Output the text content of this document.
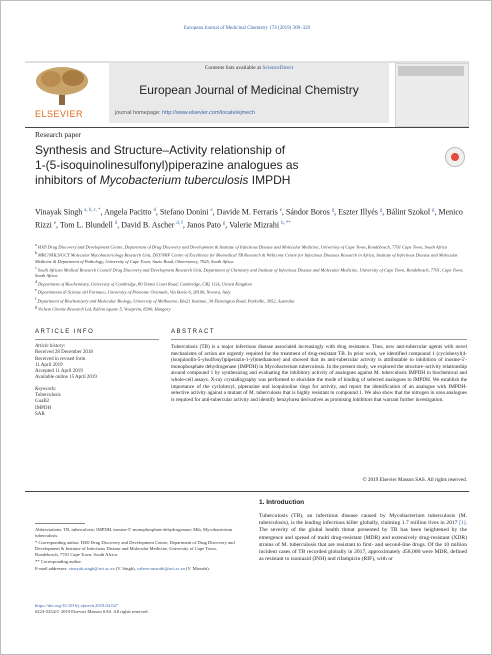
European Journal of Medicinal Chemistry 174 (2019) 309–329
ELSEVIER
Contents lists available at ScienceDirect
European Journal of Medicinal Chemistry
journal homepage: http://www.elsevier.com/locate/ejmech
Research paper
Synthesis and Structure–Activity relationship of
1-(5-isoquinolinesulfonyl)piperazine analogues as
inhibitors of Mycobacterium tuberculosis IMPDH
Vinayak Singh $^{a, b, c, *}$, Angela Pacitto $^d$, Stefano Donini $^e$, Davide M. Ferraris $^e$, Sándor Boros $^g$, Eszter Illyés $^g$, Bálint Szokol $^g$, Menico Rizzi $^e$, Tom L. Blundell $^d$, David B. Ascher $^{d, f}$, Janos Pato $^g$, Valerie Mizrahi $^{b, **}$
a H3D Drug Discovery and Development Centre, Department of Drug Discovery and Development & Institute of Infectious Disease and Molecular Medicine, University of Cape Town, Rondebosch, 7701 Cape Town, South Africa
b MRC/NHLS/UCT Molecular Mycobacteriology Research Unit, DST/NRF Centre of Excellence for Biomedical TB Research & Wellcome Centre for Infectious Diseases Research in Africa, Institute of Infectious Disease and Molecular Medicine & Department of Pathology, University of Cape Town, Anzio Road, Observatory, 7925, South Africa
c South African Medical Research Council Drug Discovery and Development Research Unit, Department of Chemistry and Institute of Infectious Disease and Molecular Medicine, University of Cape Town, Rondebosch, 7701, Cape Town, South Africa
d Department of Biochemistry, University of Cambridge, 80 Tennis Court Road, Cambridge, CB2 1GA, United Kingdom
e Dipartimento di Scienze del Farmaco, University of Piemonte Orientale, Via Bovio 6, 28100, Novara, Italy
f Department of Biochemistry and Molecular Biology, University of Melbourne, Bio21 Institute, 30 Flemington Road, Parkville, 3052, Australia
g Vichem Chemie Research Ltd, Kálvin square 5, Veszprém, 8200, Hungary
ARTICLE INFO	ABSTRACT
Article history:
Received 28 December 2018
Received in revised form
11 April 2019
Accepted 11 April 2019
Available online 15 April 2019
Keywords:
Tuberculosis
GuaB2
IMPDH
SAR
Tuberculosis (TB) is a major infectious disease associated increasingly with drug resistance. Thus, new anti-tubercular agents with novel mechanisms of action are urgently required for the treatment of drug-resistant TB. In prior work, we identified compound 1 (cyclohexyl(4-(isoquinolin-5-ylsulfonyl)piperazin-1-yl)methanone) and showed that its anti-tubercular activity is attributable to inhibition of inosine-5′-monophosphate dehydrogenase (IMPDH) in Mycobacterium tuberculosis. In the present study, we explored the structure–activity relationship around compound 1 by synthesizing and evaluating the inhibitory activity of analogues against M. tuberculosis IMPDH in biochemical and whole-cell assays. X-ray crystallography was performed to elucidate the mode of binding of selected analogues to IMPDH. We establish the importance of the cyclohexyl, piperazine and isoquinoline rings for activity, and report the identification of an analogue with IMPDH-selective activity against a mutant of M. tuberculosis that is highly resistant to compound 1. We also show that the nitrogen in urea analogues is required for anti-tubercular activity and identify benzylurea derivatives as promising inhibitors that warrant further investigation.
© 2019 Elsevier Masson SAS. All rights reserved.
Abbreviations: TB, tuberculosis; IMPDH, inosine-5′-monophosphate dehydrogenase; Mtb, Mycobacterium tuberculosis.
* Corresponding author. H3D Drug Discovery and Development Centre, Department of Drug Discovery and Development & Institute of Infectious Disease and Molecular Medicine, University of Cape Town, Rondebosch, 7701 Cape Town, South Africa.
** Corresponding author.
E-mail addresses: vinayak.singh@uct.ac.za (V. Singh), valerie.mizrahi@uct.ac.za (V. Mizrahi).
https://doi.org/10.1016/j.ejmech.2019.04.027
0223-5234/© 2019 Elsevier Masson SAS. All rights reserved.
1. Introduction
Tuberculosis (TB), an infectious disease caused by Mycobacterium tuberculosis (M. tuberculosis), is the leading infectious killer globally, claiming 1.7 million lives in 2017 [1]. The severity of the global health threat presented by TB has been heightened by the emergence and spread of multi drug-resistant (MDR) and extensively drug-resistant (XDR) strains of M. tuberculosis that are resistant to first- and second-line drugs. Of the 10 million incident cases of TB recorded globally in 2017, approximately 458,000 were MDR, defined as resistant to isoniazid (INH) and rifampicin (RIF), with or
